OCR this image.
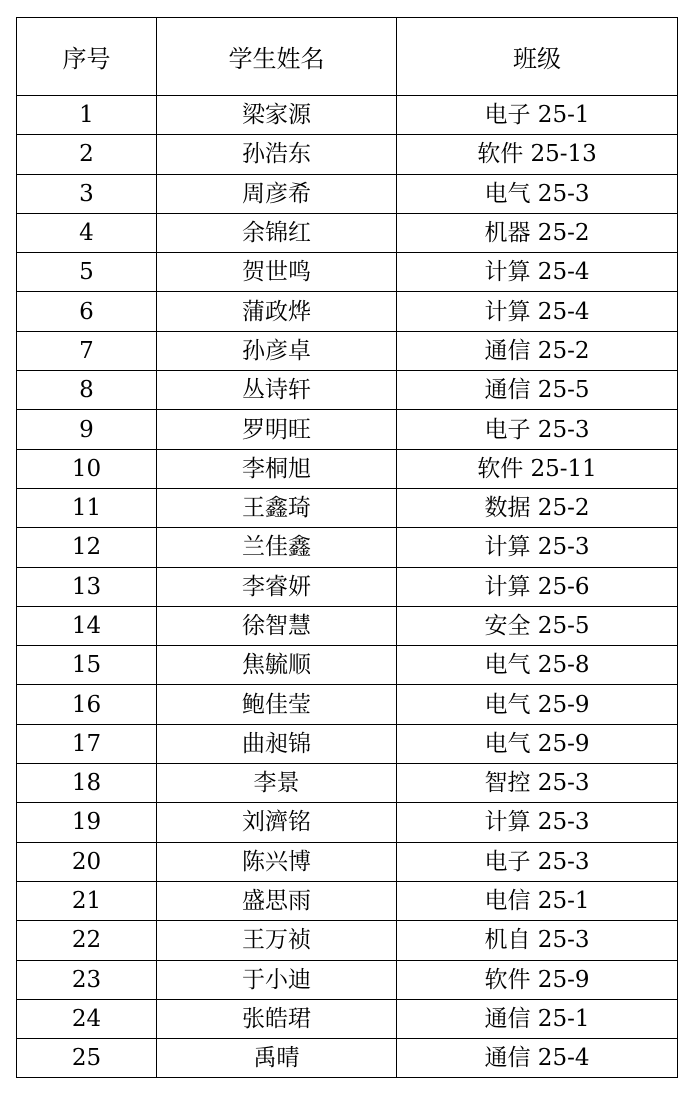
序号	学生姓名	班级
1	梁家源	电子 25-1
2	孙浩东	软件 25-13
3	周彦希	电气 25-3
4	余锦红	机器 25-2
5	贺世鸣	计算 25-4
6	蒲政烨	计算 25-4
7	孙彦卓	通信 25-2
8	丛诗轩	通信 25-5
9	罗明旺	电子 25-3
10	李桐旭	软件 25-11
11	王鑫琦	数据 25-2
12	兰佳鑫	计算 25-3
13	李睿妍	计算 25-6
14	徐智慧	安全 25-5
15	焦毓顺	电气 25-8
16	鲍佳莹	电气 25-9
17	曲昶锦	电气 25-9
18	李景	智控 25-3
19	刘濟铭	计算 25-3
20	陈兴博	电子 25-3
21	盛思雨	电信 25-1
22	王万祯	机自 25-3
23	于小迪	软件 25-9
24	张皓珺	通信 25-1
25	禹晴	通信 25-4
